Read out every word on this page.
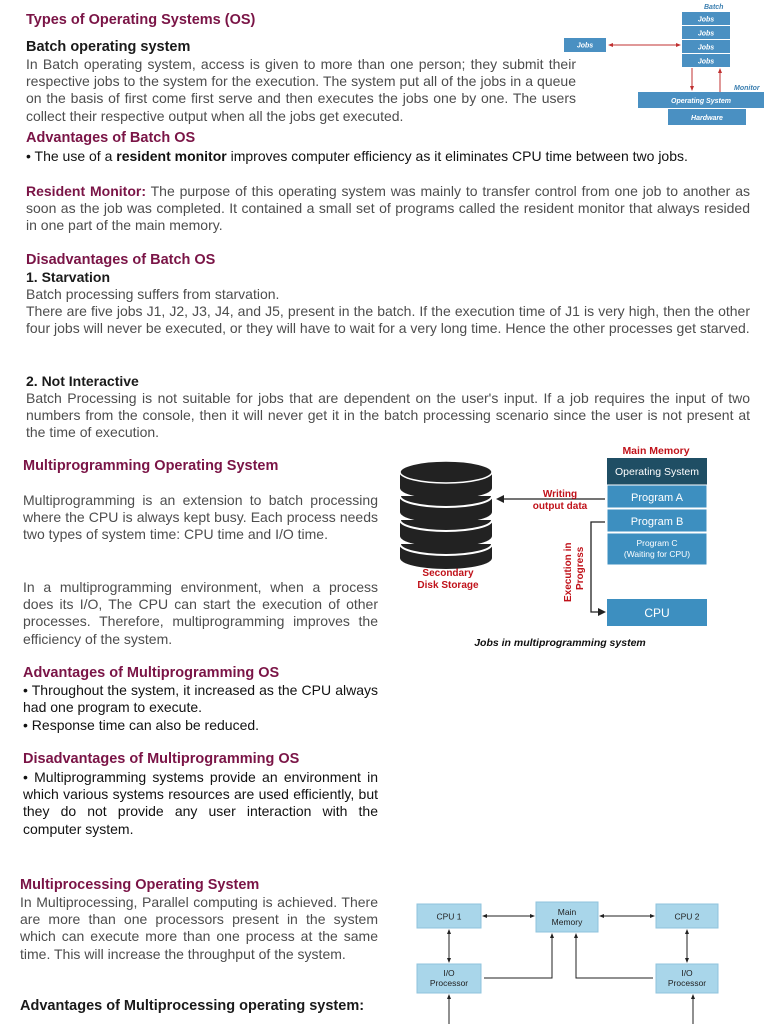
Types of Operating Systems (OS)
Batch operating system
In Batch operating system, access is given to more than one person; they submit their respective jobs to the system for the execution. The system put all of the jobs in a queue on the basis of first come first serve and then executes the jobs one by one. The users collect their respective output when all the jobs get executed.
Advantages of Batch OS
• The use of a resident monitor improves computer efficiency as it eliminates CPU time between two jobs.
Resident Monitor: The purpose of this operating system was mainly to transfer control from one job to another as soon as the job was completed. It contained a small set of programs called the resident monitor that always resided in one part of the main memory.
Disadvantages of Batch OS
1. Starvation
Batch processing suffers from starvation.
There are five jobs J1, J2, J3, J4, and J5, present in the batch. If the execution time of J1 is very high, then the other four jobs will never be executed, or they will have to wait for a very long time. Hence the other processes get starved.
2. Not Interactive
Batch Processing is not suitable for jobs that are dependent on the user's input. If a job requires the input of two numbers from the console, then it will never get it in the batch processing scenario since the user is not present at the time of execution.
Batch
Jobs
Jobs
Jobs
Jobs
Jobs
Monitor
Operating System
Hardware
Multiprogramming Operating System
Multiprogramming is an extension to batch processing where the CPU is always kept busy. Each process needs two types of system time: CPU time and I/O time.
In a multiprogramming environment, when a process does its I/O, The CPU can start the execution of other processes. Therefore, multiprogramming improves the efficiency of the system.
Advantages of Multiprogramming OS
• Throughout the system, it increased as the CPU always had one program to execute.
• Response time can also be reduced.
Disadvantages of Multiprogramming OS
• Multiprogramming systems provide an environment in which various systems resources are used efficiently, but they do not provide any user interaction with the computer system.
Main Memory
Operating System
Program A
Program B
Program C
(Waiting for CPU)
CPU
Writing
output data
Execution in Progress
Secondary
Disk Storage
Jobs in multiprogramming system
Multiprocessing Operating System
In Multiprocessing, Parallel computing is achieved. There are more than one processors present in the system which can execute more than one process at the same time. This will increase the throughput of the system.
Advantages of Multiprocessing operating system:
CPU 1	Main
Memory
CPU 2
I/O
Processor
I/O
Processor
